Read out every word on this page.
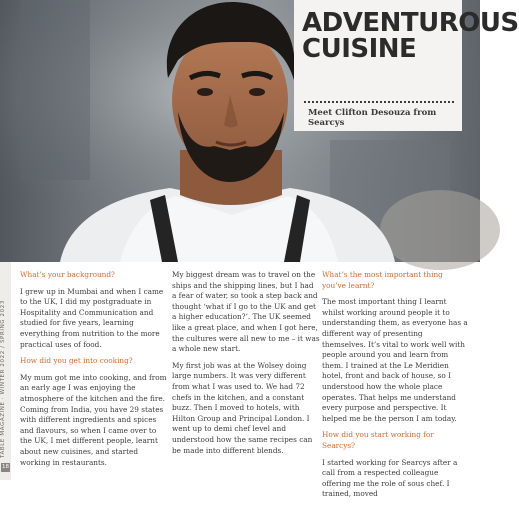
ADVENTUROUS
CUISINE
Meet Clifton Desouza from Searcys
TABLE MAGAZINE · WINTER 2022 / SPRING 2023
18

What’s your background?

I grew up in Mumbai and when I came to the UK, I did my postgraduate in Hospitality and Communication and studied for five years, learning everything from nutrition to the more practical uses of food.

How did you get into cooking?

My mum got me into cooking, and from an early age I was enjoying the atmosphere of the kitchen and the fire. Coming from India, you have 29 states with different ingredients and spices and flavours, so when I came over to the UK, I met different people, learnt about new cuisines, and started working in restaurants.

My biggest dream was to travel on the ships and the shipping lines, but I had a fear of water, so took a step back and thought ‘what if I go to the UK and get a higher education?’. The UK seemed like a great place, and when I got here, the cultures were all new to me – it was a whole new start.

My first job was at the Wolsey doing large numbers. It was very different from what I was used to. We had 72 chefs in the kitchen, and a constant buzz. Then I moved to hotels, with Hilton Group and Principal London. I went up to demi chef level and understood how the same recipes can be made into different blends.

What’s the most important thing you’ve learnt?

The most important thing I learnt whilst working around people it to understanding them, as everyone has a different way of presenting themselves. It’s vital to work well with people around you and learn from them. I trained at the Le Meridien hotel, front and back of house, so I understood how the whole place operates. That helps me understand every purpose and perspective. It helped me be the person I am today.

How did you start working for Searcys?

I started working for Searcys after a call from a respected colleague offering me the role of sous chef. I trained, moved
